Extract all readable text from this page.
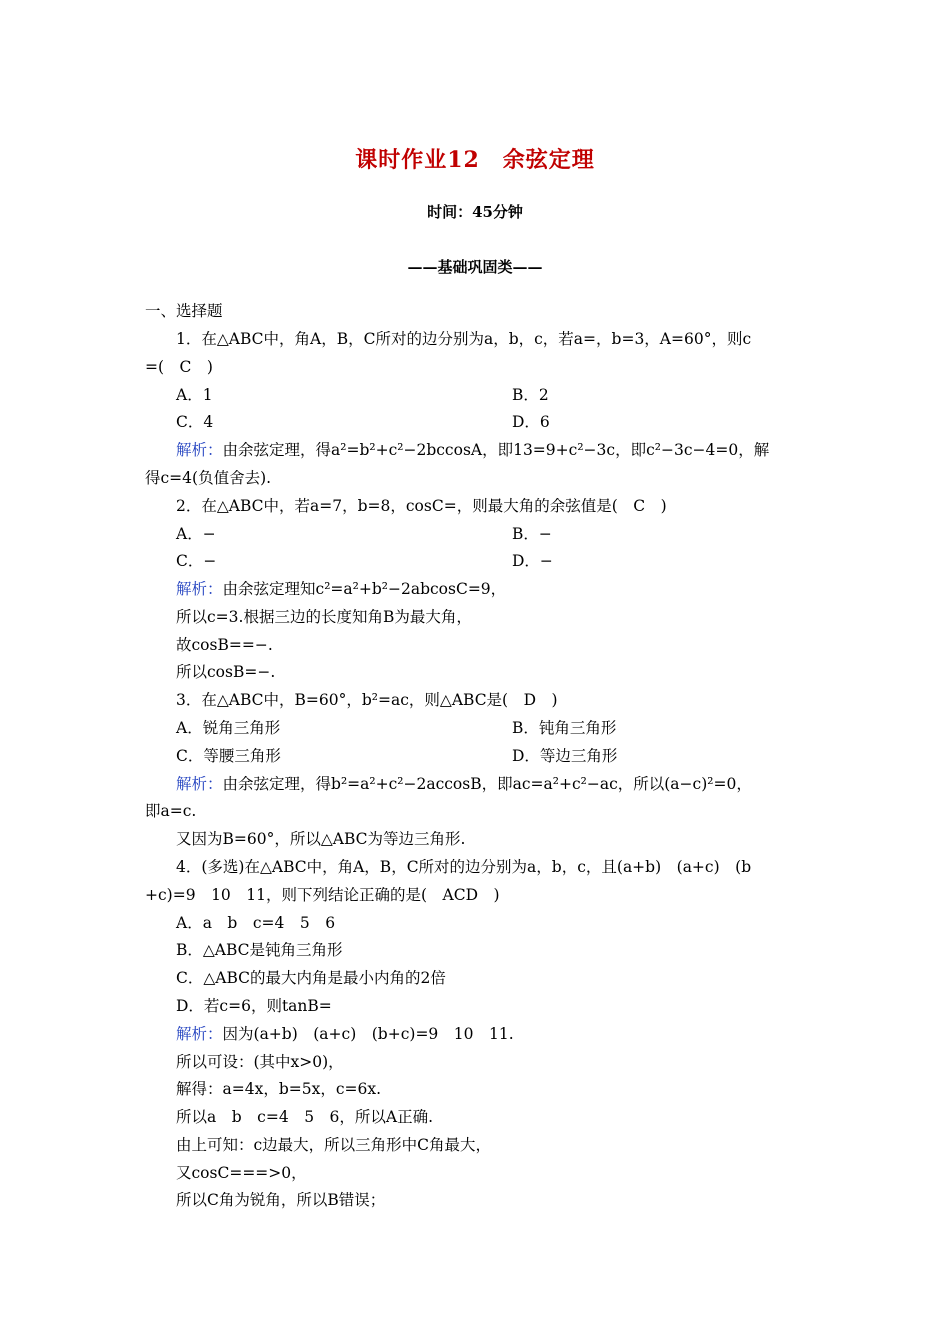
课时作业12　余弦定理
时间：45分钟
——基础巩固类——
一、选择题
1．在△ABC中，角A，B，C所对的边分别为a，b，c，若a=，b=3，A=60°，则c
=(　C　)
A．1	B．2
C．4	D．6
解析：由余弦定理，得a²=b²+c²−2bccosA，即13=9+c²−3c，即c²−3c−4=0，解
得c=4(负值舍去).
2．在△ABC中，若a=7，b=8，cosC=，则最大角的余弦值是(　C　)
A．−	B．−
C．−	D．−
解析：由余弦定理知c²=a²+b²−2abcosC=9，
所以c=3.根据三边的长度知角B为最大角，
故cosB==−.
所以cosB=−.
3．在△ABC中，B=60°，b²=ac，则△ABC是(　D　)
A．锐角三角形	B．钝角三角形
C．等腰三角形	D．等边三角形
解析：由余弦定理，得b²=a²+c²−2accosB，即ac=a²+c²−ac，所以(a−c)²=0，
即a=c.
又因为B=60°，所以△ABC为等边三角形.
4．(多选)在△ABC中，角A，B，C所对的边分别为a，b，c，且(a+b)　(a+c)　(b
+c)=9　10　11，则下列结论正确的是(　ACD　)
A．a　b　c=4　5　6
B．△ABC是钝角三角形
C．△ABC的最大内角是最小内角的2倍
D．若c=6，则tanB=
解析：因为(a+b)　(a+c)　(b+c)=9　10　11.
所以可设：(其中x>0)，
解得：a=4x，b=5x，c=6x.
所以a　b　c=4　5　6，所以A正确.
由上可知：c边最大，所以三角形中C角最大，
又cosC===>0，
所以C角为锐角，所以B错误；
